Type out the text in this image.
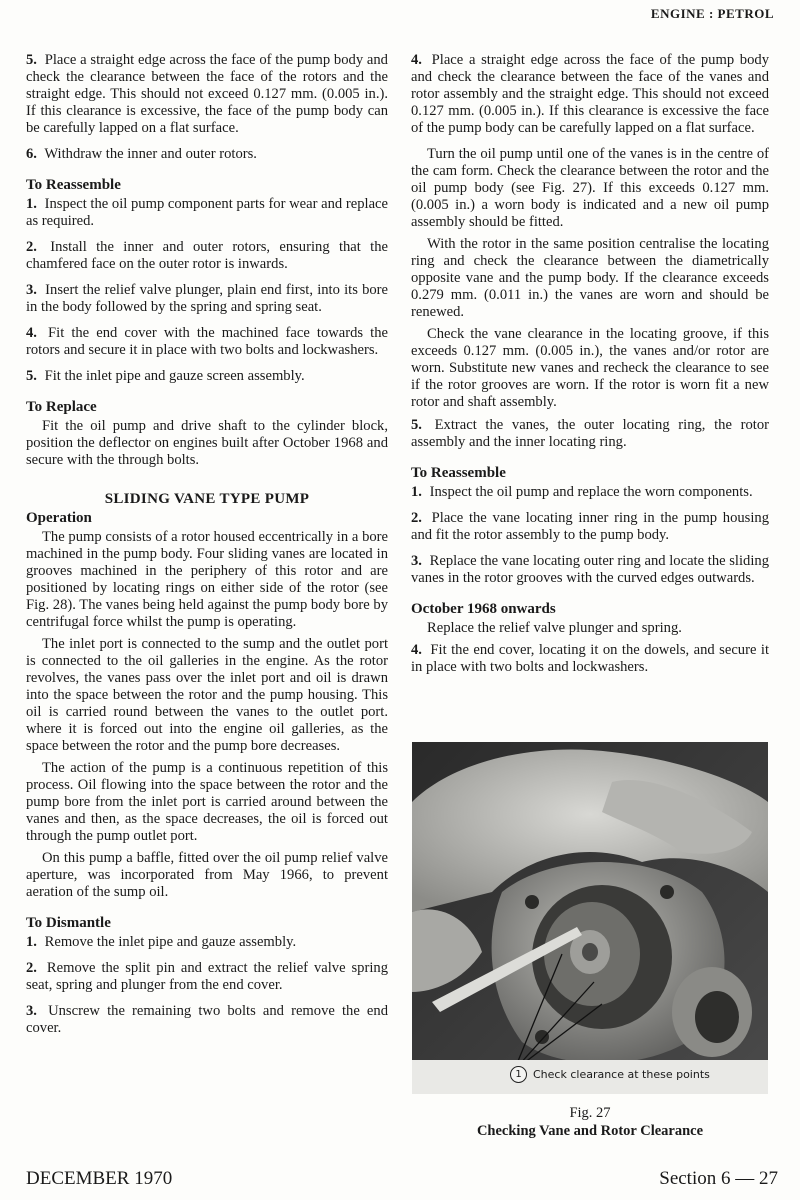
ENGINE : PETROL

5. Place a straight edge across the face of the pump body and check the clearance between the face of the rotors and the straight edge. This should not exceed 0.127 mm. (0.005 in.). If this clearance is excessive, the face of the pump body can be carefully lapped on a flat surface.

6. Withdraw the inner and outer rotors.

To Reassemble

1. Inspect the oil pump component parts for wear and replace as required.

2. Install the inner and outer rotors, ensuring that the chamfered face on the outer rotor is inwards.

3. Insert the relief valve plunger, plain end first, into its bore in the body followed by the spring and spring seat.

4. Fit the end cover with the machined face towards the rotors and secure it in place with two bolts and lockwashers.

5. Fit the inlet pipe and gauze screen assembly.

To Replace

Fit the oil pump and drive shaft to the cylinder block, position the deflector on engines built after October 1968 and secure with the through bolts.

SLIDING VANE TYPE PUMP
Operation

The pump consists of a rotor housed eccentrically in a bore machined in the pump body. Four sliding vanes are located in grooves machined in the periphery of this rotor and are positioned by locating rings on either side of the rotor (see Fig. 28). The vanes being held against the pump body bore by centrifugal force whilst the pump is operating.

The inlet port is connected to the sump and the outlet port is connected to the oil galleries in the engine. As the rotor revolves, the vanes pass over the inlet port and oil is drawn into the space between the rotor and the pump housing. This oil is carried round between the vanes to the outlet port. where it is forced out into the engine oil galleries, as the space between the rotor and the pump bore decreases.

The action of the pump is a continuous repetition of this process. Oil flowing into the space between the rotor and the pump bore from the inlet port is carried around between the vanes and then, as the space decreases, the oil is forced out through the pump outlet port.

On this pump a baffle, fitted over the oil pump relief valve aperture, was incorporated from May 1966, to prevent aeration of the sump oil.

To Dismantle

1. Remove the inlet pipe and gauze assembly.

2. Remove the split pin and extract the relief valve spring seat, spring and plunger from the end cover.

3. Unscrew the remaining two bolts and remove the end cover.

4. Place a straight edge across the face of the pump body and check the clearance between the face of the vanes and rotor assembly and the straight edge. This should not exceed 0.127 mm. (0.005 in.). If this clearance is excessive the face of the pump body can be carefully lapped on a flat surface.

Turn the oil pump until one of the vanes is in the centre of the cam form. Check the clearance between the rotor and the oil pump body (see Fig. 27). If this exceeds 0.127 mm. (0.005 in.) a worn body is indicated and a new oil pump assembly should be fitted.

With the rotor in the same position centralise the locating ring and check the clearance between the diametrically opposite vane and the pump body. If the clearance exceeds 0.279 mm. (0.011 in.) the vanes are worn and should be renewed.

Check the vane clearance in the locating groove, if this exceeds 0.127 mm. (0.005 in.), the vanes and/or rotor are worn. Substitute new vanes and recheck the clearance to see if the rotor grooves are worn. If the rotor is worn fit a new rotor and shaft assembly.

5. Extract the vanes, the outer locating ring, the rotor assembly and the inner locating ring.

To Reassemble

1. Inspect the oil pump and replace the worn components.

2. Place the vane locating inner ring in the pump housing and fit the rotor assembly to the pump body.

3. Replace the vane locating outer ring and locate the sliding vanes in the rotor grooves with the curved edges outwards.

October 1968 onwards

Replace the relief valve plunger and spring.

4. Fit the end cover, locating it on the dowels, and secure it in place with two bolts and lockwashers.

1	Check clearance at these points
Fig. 27
Checking Vane and Rotor Clearance
DECEMBER 1970	Section 6 — 27
